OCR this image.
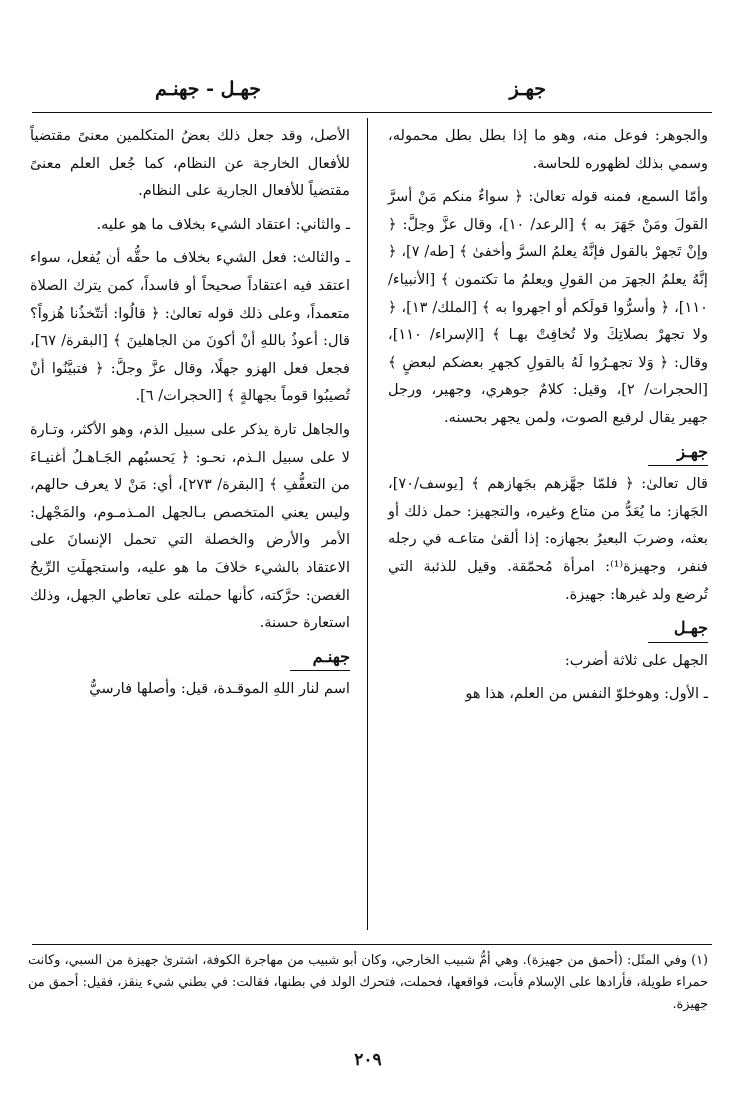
جهـز
جهـل - جهنـم

والجوهر: فوعل منه، وهو ما إذا بطل بطل محموله، وسمي بذلك لظهوره للحاسة.

وأمّا السمع، فمنه قوله تعالىٰ: ﴿ سواءٌ منكم مَنْ أسرَّ القولَ ومَنْ جَهَرَ به ﴾ [الرعد/ ١٠]، وقال عزَّ وجلَّ: ﴿ وإنْ تَجهرْ بالقول فإنَّهُ يعلمُ السرَّ وأخفىٰ ﴾ [طه/ ٧]، ﴿ إنَّهُ يعلمُ الجهرَ من القولِ ويعلمُ ما تكتمون ﴾ [الأنبياء/ ١١٠]، ﴿ وأسرُّوا قولَكم أو اجهروا به ﴾ [الملك/ ١٣]، ﴿ ولا تجهرْ بصلاتِكَ ولا تُخافِتْ بهـا ﴾ [الإسراء/ ١١٠]، وقال: ﴿ وَلا تجهـرُوا لَهُ بالقولِ كجهرِ بعضكم لبعضٍ ﴾ [الحجرات/ ٢]، وقيل: كلامٌ جوهري، وجهير، ورجل جهير يقال لرفيع الصوت، ولمن يجهر بحسنه.

جهـز

قال تعالىٰ: ﴿ فلمّا جهَّزهم بجَهازهم ﴾ [يوسف/٧٠]، الجَهاز: ما يُعَدُّ من متاع وغيره، والتجهيز: حمل ذلك أو بعثه، وضربَ البعيرُ بجهازه: إذا ألقىٰ متاعـه في رجله فنفر، وجهيزة⁽¹⁾: امرأة مُحمّقة. وقيل للذئبة التي تُرضع ولد غيرها: جهيزة.

جهـل

الجهل على ثلاثة أضرب:

ـ الأول: وهوخلوّ النفس من العلم، هذا هو

الأصل، وقد جعل ذلك بعضُ المتكلمين معنىً مقتضياً للأفعال الخارجة عن النظام، كما جُعل العلم معنىً مقتضياً للأفعال الجارية على النظام.

ـ والثاني: اعتقاد الشيء بخلاف ما هو عليه.

ـ والثالث: فعل الشيء بخلاف ما حقُّه أن يُفعل، سواء اعتقد فيه اعتقاداً صحيحاً أو فاسداً، كمن يترك الصلاة متعمداً، وعلى ذلك قوله تعالىٰ: ﴿ قالُوا: أتتّخذُنا هُزواً؟ قال: أعوذُ باللهِ أنْ أكونَ من الجاهلينَ ﴾ [البقرة/ ٦٧]، فجعل فعل الهزو جهلًا، وقال عزَّ وجلَّ: ﴿ فتبيَّنُوا أنْ تُصيبُوا قوماً بجهالةٍ ﴾ [الحجرات/ ٦].

والجاهل تارة يذكر على سبيل الذم، وهو الأكثر، وتـارة لا على سبيل الـذم، نحـو: ﴿ يَحسبُهم الجَـاهـلُ أغنيـاءَ من التعفُّفِ ﴾ [البقرة/ ٢٧٣]، أي: مَنْ لا يعرف حالهم، وليس يعني المتخصص بـالجهل المـذمـوم، والمَجْهل: الأمر والأرض والخصلة التي تحمل الإنسانَ على الاعتقاد بالشيء خلافَ ما هو عليه، واستجهلَتِ الرِّيحُ الغصن: حرَّكته، كأنها حملته على تعاطي الجهل، وذلك استعارة حسنة.

جهنـم

اسم لنار اللهِ الموقـدة، قيل: وأصلها فارسيٌّ

(١) وفي المثَل: (أحمق من جهيزة). وهي أمُّ شبيب الخارجي، وكان أبو شبيب من مهاجرة الكوفة، اشترىٰ جهيزة من السبي، وكانت حمراء طويلة، فأرادها على الإسلام فأبت، فواقعها، فحملت، فتحرك الولد في بطنها، فقالت: في بطني شيء ينقز، فقيل: أحمق من جهيزة.
٢٠٩
